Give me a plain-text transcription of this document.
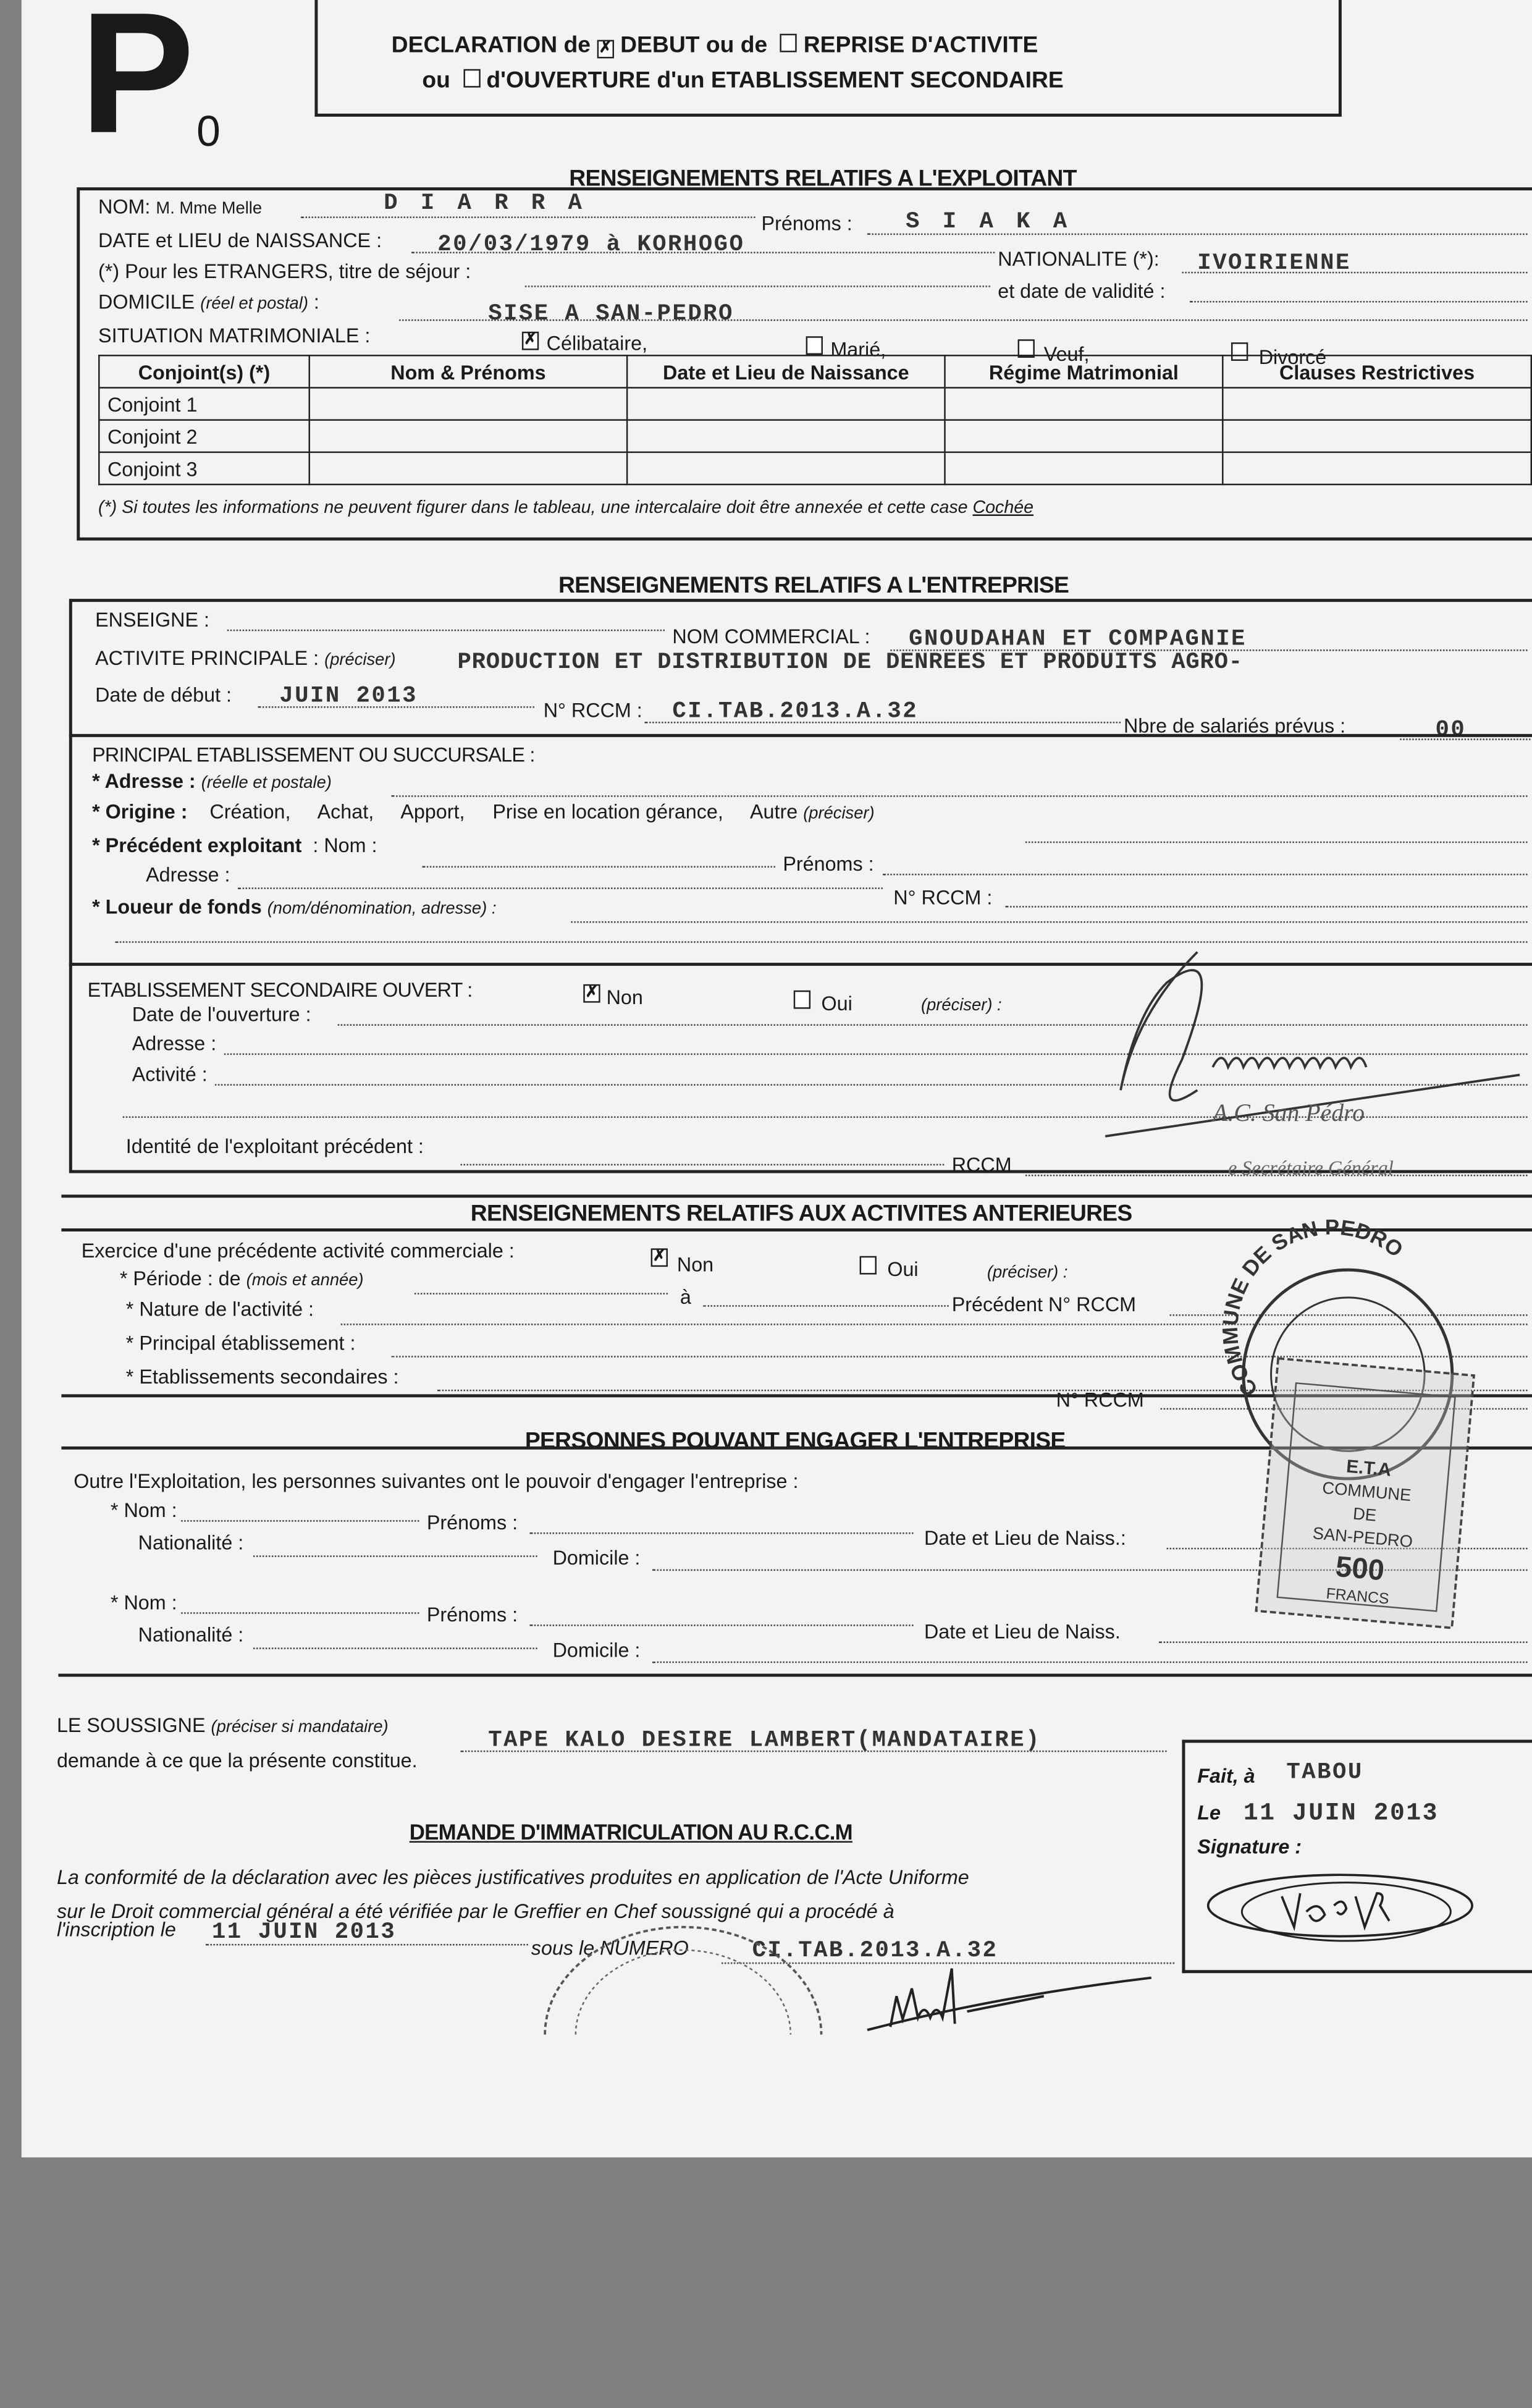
P 0
DECLARATION de ✗ DEBUT ou de	REPRISE D'ACTIVITE
ou	d'OUVERTURE d'un ETABLISSEMENT SECONDAIRE
RENSEIGNEMENTS RELATIFS A L'EXPLOITANT
NOM: M. Mme Melle	D I A R R A
Prénoms :	S I A K A
DATE et LIEU de NAISSANCE :	20/03/1979 à KORHOGO
NATIONALITE (*):	IVOIRIENNE
(*) Pour les ETRANGERS, titre de séjour :
et date de validité :
DOMICILE (réel et postal) :	SISE A SAN-PEDRO
SITUATION MATRIMONIALE :	✗ Célibataire,	Marié,	Veuf,	Divorcé
Conjoint(s) (*)	Nom & Prénoms	Date et Lieu de Naissance	Régime Matrimonial	Clauses Restrictives
Conjoint 1				
Conjoint 2				
Conjoint 3				
(*) Si toutes les informations ne peuvent figurer dans le tableau, une intercalaire doit être annexée et cette case Cochée
RENSEIGNEMENTS RELATIFS A L'ENTREPRISE
ENSEIGNE :
NOM COMMERCIAL :	GNOUDAHAN ET COMPAGNIE
ACTIVITE PRINCIPALE : (préciser)	PRODUCTION ET DISTRIBUTION DE DENREES ET PRODUITS AGRO-
Date de début :	JUIN 2013
N° RCCM :	CI.TAB.2013.A.32
Nbre de salariés prévus :	00
PRINCIPAL ETABLISSEMENT OU SUCCURSALE :
* Adresse : (réelle et postale)
* Origine :	Création,	Achat,	Apport,	Prise en location gérance,	Autre (préciser)
* Précédent exploitant : Nom :
Prénoms :
Adresse :
N° RCCM :
* Loueur de fonds (nom/dénomination, adresse) :
ETABLISSEMENT SECONDAIRE OUVERT :	✗ Non	Oui	(préciser) :
Date de l'ouverture :
Adresse :
Activité :
Identité de l'exploitant précédent :
RCCM
RENSEIGNEMENTS RELATIFS AUX ACTIVITES ANTERIEURES
Exercice d'une précédente activité commerciale :	✗ Non	Oui	(préciser) :
* Période : de (mois et année)
à	Précédent N° RCCM
* Nature de l'activité :
* Principal établissement :
* Etablissements secondaires :
N° RCCM
PERSONNES POUVANT ENGAGER L'ENTREPRISE
Outre l'Exploitation, les personnes suivantes ont le pouvoir d'engager l'entreprise :
* Nom :
Prénoms :
Date et Lieu de Naiss.:
Nationalité :
Domicile :
* Nom :
Prénoms :
Date et Lieu de Naiss.
Nationalité :
Domicile :
LE SOUSSIGNE (préciser si mandataire)
TAPE KALO DESIRE LAMBERT(MANDATAIRE)
demande à ce que la présente constitue.
Fait, à	TABOU
Le 11 JUIN 2013
Signature :
DEMANDE D'IMMATRICULATION AU R.C.C.M
La conformité de la déclaration avec les pièces justificatives produites en application de l'Acte Uniforme
sur le Droit commercial général a été vérifiée par le Greffier en Chef soussigné qui a procédé à
l'inscription le	11 JUIN 2013
sous le NUMERO	CI.TAB.2013.A.32
A.C. San Pédro
e Secrétaire Général
COMMUNE DE SAN PEDRO
E.T.A
COMMUNE
DE
SAN-PEDRO
500
FRANCS
